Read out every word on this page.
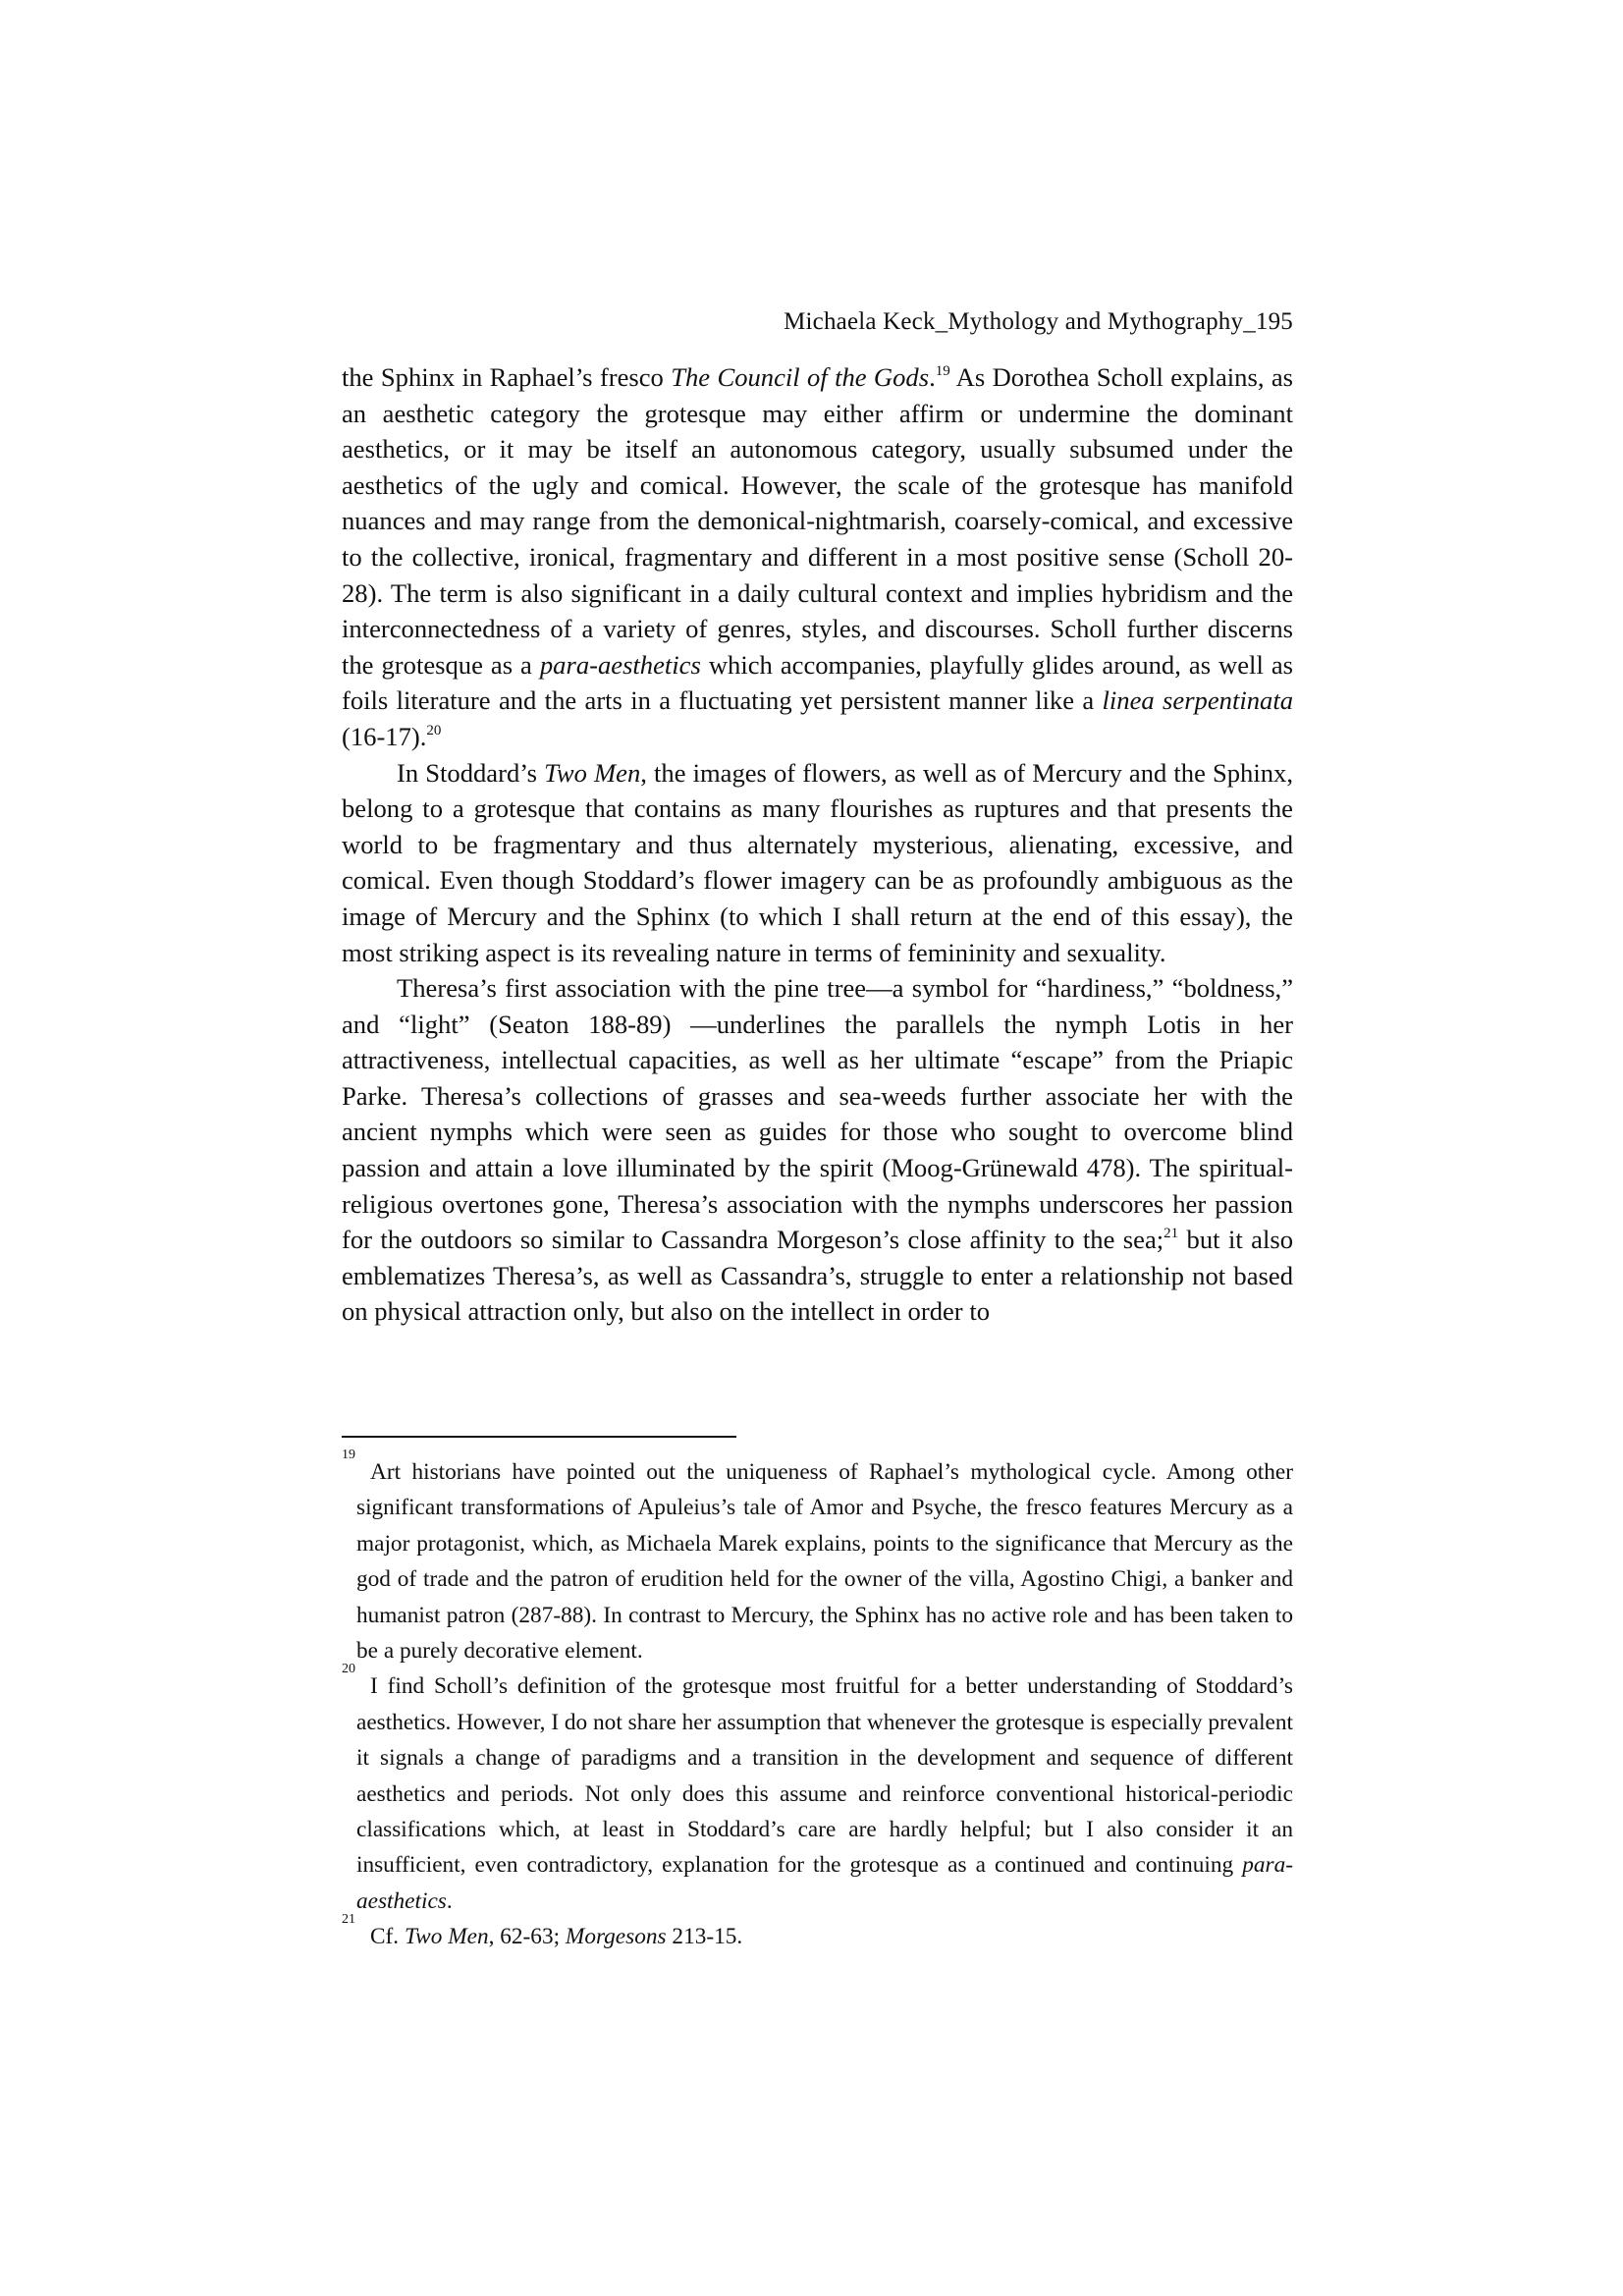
Michaela Keck_Mythology and Mythography_195

the Sphinx in Raphael’s fresco The Council of the Gods.$^{19}$ As Dorothea Scholl explains, as an aesthetic category the grotesque may either affirm or undermine the dominant aesthetics, or it may be itself an autonomous category, usually subsumed under the aesthetics of the ugly and comical. However, the scale of the grotesque has manifold nuances and may range from the demonical-nightmarish, coarsely-comical, and excessive to the collective, ironical, fragmentary and different in a most positive sense (Scholl 20-28). The term is also significant in a daily cultural context and implies hybridism and the interconnectedness of a variety of genres, styles, and discourses. Scholl further discerns the grotesque as a para-aesthetics which accompanies, playfully glides around, as well as foils literature and the arts in a fluctuating yet persistent manner like a linea serpentinata (16-17).$^{20}$

In Stoddard’s Two Men, the images of flowers, as well as of Mercury and the Sphinx, belong to a grotesque that contains as many flourishes as ruptures and that presents the world to be fragmentary and thus alternately mysterious, alienating, excessive, and comical. Even though Stoddard’s flower imagery can be as profoundly ambiguous as the image of Mercury and the Sphinx (to which I shall return at the end of this essay), the most striking aspect is its revealing nature in terms of femininity and sexuality.

Theresa’s first association with the pine tree—a symbol for “hardiness,” “boldness,” and “light” (Seaton 188-89) —underlines the parallels the nymph Lotis in her attractiveness, intellectual capacities, as well as her ultimate “escape” from the Priapic Parke. Theresa’s collections of grasses and sea-weeds further associate her with the ancient nymphs which were seen as guides for those who sought to overcome blind passion and attain a love illuminated by the spirit (Moog-Grünewald 478). The spiritual-religious overtones gone, Theresa’s association with the nymphs underscores her passion for the outdoors so similar to Cassandra Morgeson’s close affinity to the sea;$^{21}$ but it also emblematizes Theresa’s, as well as Cassandra’s, struggle to enter a relationship not based on physical attraction only, but also on the intellect in order to

19
Art historians have pointed out the uniqueness of Raphael’s mythological cycle. Among other significant transformations of Apuleius’s tale of Amor and Psyche, the fresco features Mercury as a major protagonist, which, as Michaela Marek explains, points to the significance that Mercury as the god of trade and the patron of erudition held for the owner of the villa, Agostino Chigi, a banker and humanist patron (287-88). In contrast to Mercury, the Sphinx has no active role and has been taken to be a purely decorative element.

20
I find Scholl’s definition of the grotesque most fruitful for a better understanding of Stoddard’s aesthetics. However, I do not share her assumption that whenever the grotesque is especially prevalent it signals a change of paradigms and a transition in the development and sequence of different aesthetics and periods. Not only does this assume and reinforce conventional historical-periodic classifications which, at least in Stoddard’s care are hardly helpful; but I also consider it an insufficient, even contradictory, explanation for the grotesque as a continued and continuing para-aesthetics.

21
Cf. Two Men, 62-63; Morgesons 213-15.
